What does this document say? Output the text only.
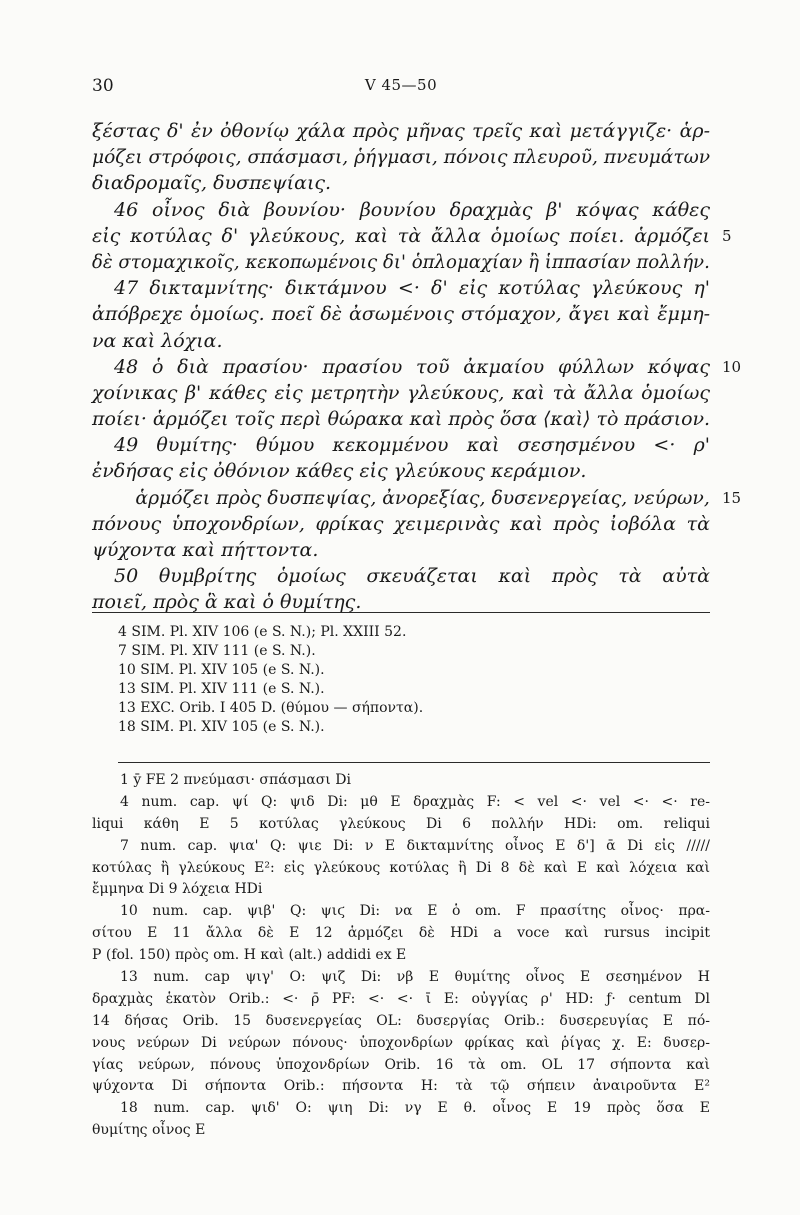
30	V 45—50
ξέστας δ' ἐν ὀθονίῳ χάλα πρὸς μῆνας τρεῖς καὶ μετάγγιζε· ἁρ-
μόζει στρόφοις, σπάσμασι, ῥήγμασι, πόνοις πλευροῦ, πνευμάτων
διαδρομαῖς, δυσπεψίαις.
46 οἶνος διὰ βουνίου· βουνίου δραχμὰς β' κόψας κάθες
εἰς κοτύλας δ' γλεύκους, καὶ τὰ ἄλλα ὁμοίως ποίει. ἁρμόζει 5
δὲ στομαχικοῖς, κεκοπωμένοις δι' ὁπλομαχίαν ἢ ἱππασίαν πολλήν.
47 δικταμνίτης· δικτάμνου <· δ' εἰς κοτύλας γλεύκους η'
ἀπόβρεχε ὁμοίως. ποεῖ δὲ ἀσωμένοις στόμαχον, ἄγει καὶ ἔμμη-
να καὶ λόχια.
48 ὁ διὰ πρασίου· πρασίου τοῦ ἀκμαίου φύλλων κόψας 10
χοίνικας β' κάθες εἰς μετρητὴν γλεύκους, καὶ τὰ ἄλλα ὁμοίως
ποίει· ἁρμόζει τοῖς περὶ θώρακα καὶ πρὸς ὅσα ⟨καὶ⟩ τὸ πράσιον.
49 θυμίτης· θύμου κεκομμένου καὶ σεσησμένου <· ρ'
ἐνδήσας εἰς ὀθόνιον κάθες εἰς γλεύκους κεράμιον.
ἁρμόζει πρὸς δυσπεψίας, ἀνορεξίας, δυσενεργείας, νεύρων, 15
πόνους ὑποχονδρίων, φρίκας χειμερινὰς καὶ πρὸς ἰοβόλα τὰ
ψύχοντα καὶ πήττοντα.
50 θυμβρίτης ὁμοίως σκευάζεται καὶ πρὸς τὰ αὐτὰ
ποιεῖ, πρὸς ἃ καὶ ὁ θυμίτης.
4 SIM. Pl. XIV 106 (e S. N.); Pl. XXIII 52.
7 SIM. Pl. XIV 111 (e S. N.).
10 SIM. Pl. XIV 105 (e S. N.).
13 SIM. Pl. XIV 111 (e S. N.).
13 EXC. Orib. I 405 D. (θύμου — σήποντα).
18 SIM. Pl. XIV 105 (e S. N.).
1 ȳ FE 2 πνεύμασι· σπάσμασι Di
4 num. cap. ψί Q: ψιδ Di: μθ E δραχμὰς F: < vel <· vel <· <· re-
liqui κάθη E 5 κοτύλας γλεύκους Di 6 πολλήν HDi: om. reliqui
7 num. cap. ψια' Q: ψιε Di: ν E δικταμνίτης οἶνος E δ'] ᾱ Di εἰς /////
κοτύλας ἢ γλεύκους E²: εἰς γλεύκους κοτύλας ἢ Di 8 δὲ καὶ E καὶ λόχεια καὶ
ἔμμηνα Di 9 λόχεια HDi
10 num. cap. ψιβ' Q: ψιϛ Di: να E ὁ om. F πρασίτης οἶνος· πρα-
σίτου E 11 ἄλλα δὲ E 12 ἁρμόζει δὲ HDi a voce καὶ rursus incipit
P (fol. 150) πρὸς om. H καὶ (alt.) addidi ex E
13 num. cap ψιγ' O: ψιζ Di: νβ E θυμίτης οἶνος E σεσημένον H
δραχμὰς ἑκατὸν Orib.: <· ρ̄ PF: <· <· ῑ E: οὐγγίας ρ' HD: ƒ· centum Dl
14 δήσας Orib. 15 δυσενεργείας OL: δυσεργίας Orib.: δυσερευγίας E πό-
νους νεύρων Di νεύρων πόνους· ὑποχονδρίων φρίκας καὶ ῥίγας χ. E: δυσερ-
γίας νεύρων, πόνους ὑποχονδρίων Orib. 16 τὰ om. OL 17 σήποντα καὶ
ψύχοντα Di σήποντα Orib.: πήσοντα H: τὰ τῷ σήπειν ἀναιροῦντα E²
18 num. cap. ψιδ' O: ψιη Di: νγ E θ. οἶνος E 19 πρὸς ὅσα E
θυμίτης οἶνος E
